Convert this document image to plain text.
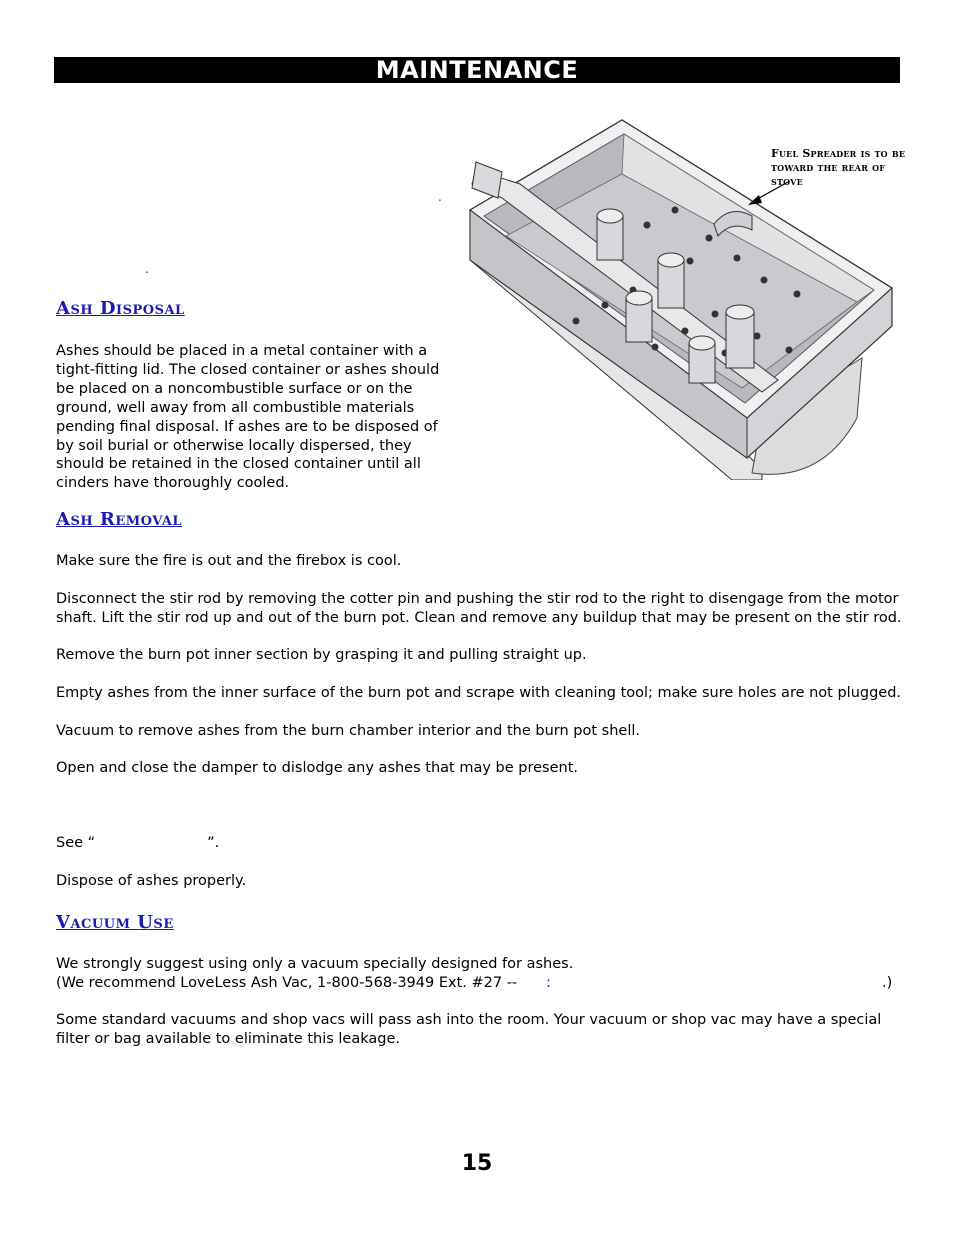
MAINTENANCE
.
.
Fuel Spreader is to be toward the rear of stove
Ash Disposal
Ashes should be placed in a metal container with a tight-fitting lid. The closed container or ashes should be placed on a noncombustible surface or on the ground, well away from all combustible materials pending final disposal. If ashes are to be disposed of by soil burial or otherwise locally dispersed, they should be retained in the closed container until all cinders have thoroughly cooled.
Ash Removal
Make sure the fire is out and the firebox is cool.
Disconnect the stir rod by removing the cotter pin and pushing the stir rod to the right to disengage from the motor shaft. Lift the stir rod up and out of the burn pot. Clean and remove any buildup that may be present on the stir rod.
Remove the burn pot inner section by grasping it and pulling straight up.
Empty ashes from the inner surface of the burn pot and scrape with cleaning tool; make sure holes are not plugged.
Vacuum to remove ashes from the burn chamber interior and the burn pot shell.
Open and close the damper to dislodge any ashes that may be present.
See “	”.
Dispose of ashes properly.
Vacuum Use
We strongly suggest using only a vacuum specially designed for ashes.
(We recommend LoveLess Ash Vac, 1-800-568-3949 Ext. #27 -- :	.)
Some standard vacuums and shop vacs will pass ash into the room. Your vacuum or shop vac may have a special filter or bag available to eliminate this leakage.
15
